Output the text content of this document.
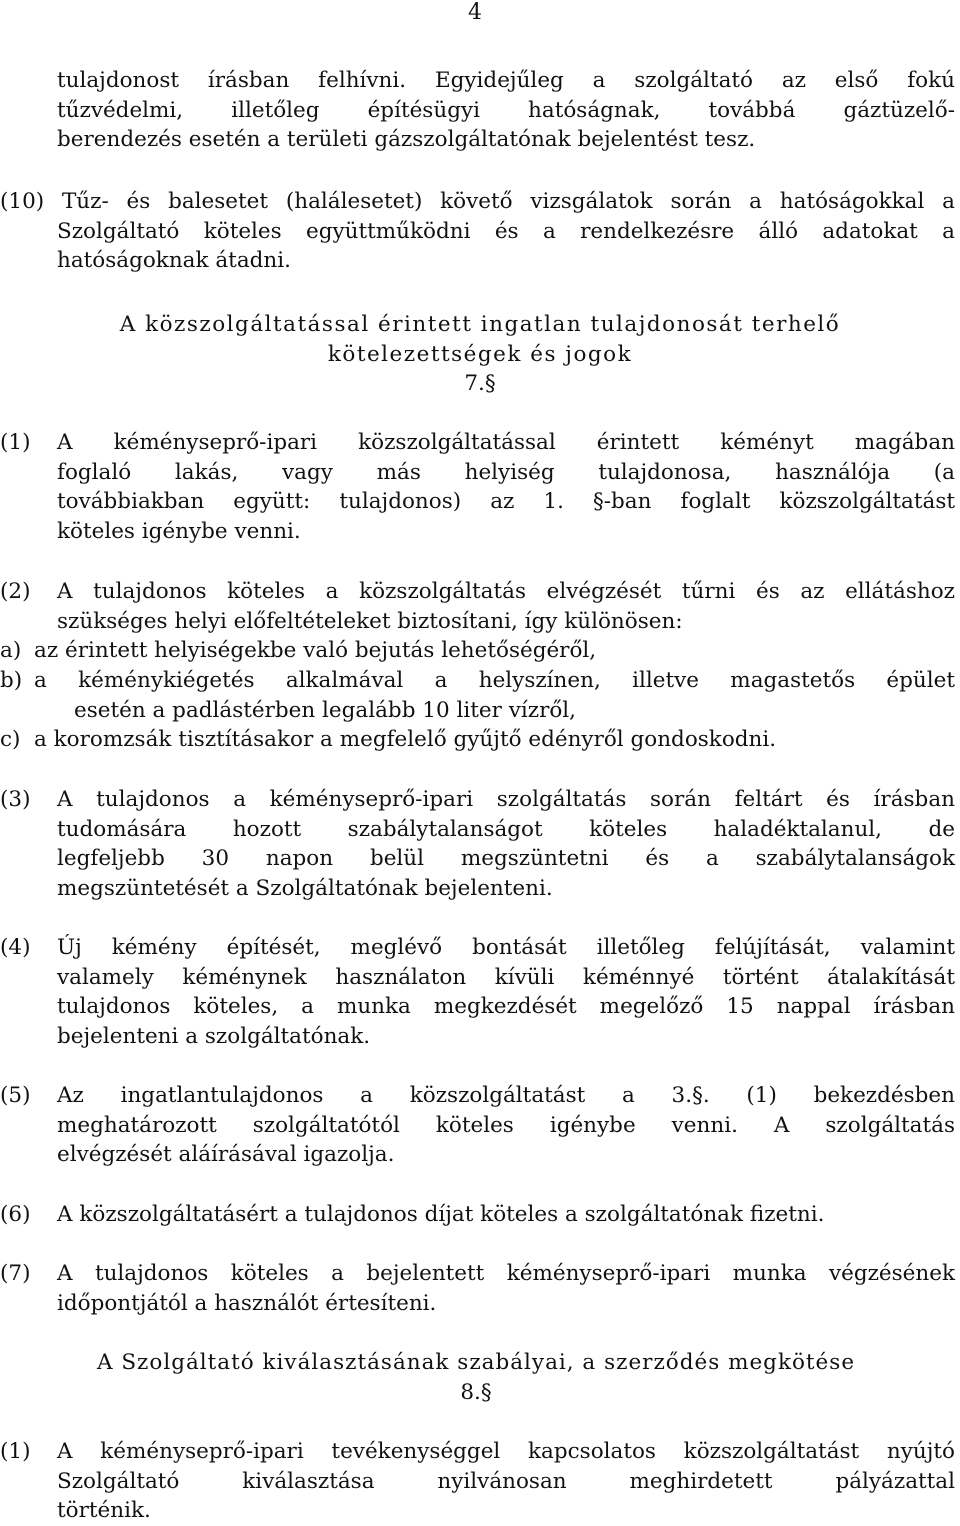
4
tulajdonost írásban felhívni. Egyidejűleg a szolgáltató az első fokú
tűzvédelmi, illetőleg építésügyi hatóságnak, továbbá gáztüzelő-
berendezés esetén a területi gázszolgáltatónak bejelentést tesz.
(10) Tűz- és balesetet (halálesetet) követő vizsgálatok során a hatóságokkal a
Szolgáltató köteles együttműködni és a rendelkezésre álló adatokat a
hatóságoknak átadni.
A közszolgáltatással érintett ingatlan tulajdonosát terhelő
kötelezettségek és jogok
7.§
(1) A kéményseprő-ipari közszolgáltatással érintett kéményt magában
foglaló lakás, vagy más helyiség tulajdonosa, használója (a
továbbiakban együtt: tulajdonos) az 1. §-ban foglalt közszolgáltatást
köteles igénybe venni.
(2) A tulajdonos köteles a közszolgáltatás elvégzését tűrni és az ellátáshoz
szükséges helyi előfeltételeket biztosítani, így különösen:
a) az érintett helyiségekbe való bejutás lehetőségéről,
b) a kéménykiégetés alkalmával a helyszínen, illetve magastetős épület
esetén a padlástérben legalább 10 liter vízről,
c) a koromzsák tisztításakor a megfelelő gyűjtő edényről gondoskodni.
(3) A tulajdonos a kéményseprő-ipari szolgáltatás során feltárt és írásban
tudomására hozott szabálytalanságot köteles haladéktalanul, de
legfeljebb 30 napon belül megszüntetni és a szabálytalanságok
megszüntetését a Szolgáltatónak bejelenteni.
(4) Új kémény építését, meglévő bontását illetőleg felújítását, valamint
valamely kéménynek használaton kívüli kéménnyé történt átalakítását
tulajdonos köteles, a munka megkezdését megelőző 15 nappal írásban
bejelenteni a szolgáltatónak.
(5) Az ingatlantulajdonos a közszolgáltatást a 3.§. (1) bekezdésben
meghatározott szolgáltatótól köteles igénybe venni. A szolgáltatás
elvégzését aláírásával igazolja.
(6) A közszolgáltatásért a tulajdonos díjat köteles a szolgáltatónak fizetni.
(7) A tulajdonos köteles a bejelentett kéményseprő-ipari munka végzésének
időpontjától a használót értesíteni.
A Szolgáltató kiválasztásának szabályai, a szerződés megkötése
8.§
(1) A kéményseprő-ipari tevékenységgel kapcsolatos közszolgáltatást nyújtó
Szolgáltató kiválasztása nyilvánosan meghirdetett pályázattal
történik.
